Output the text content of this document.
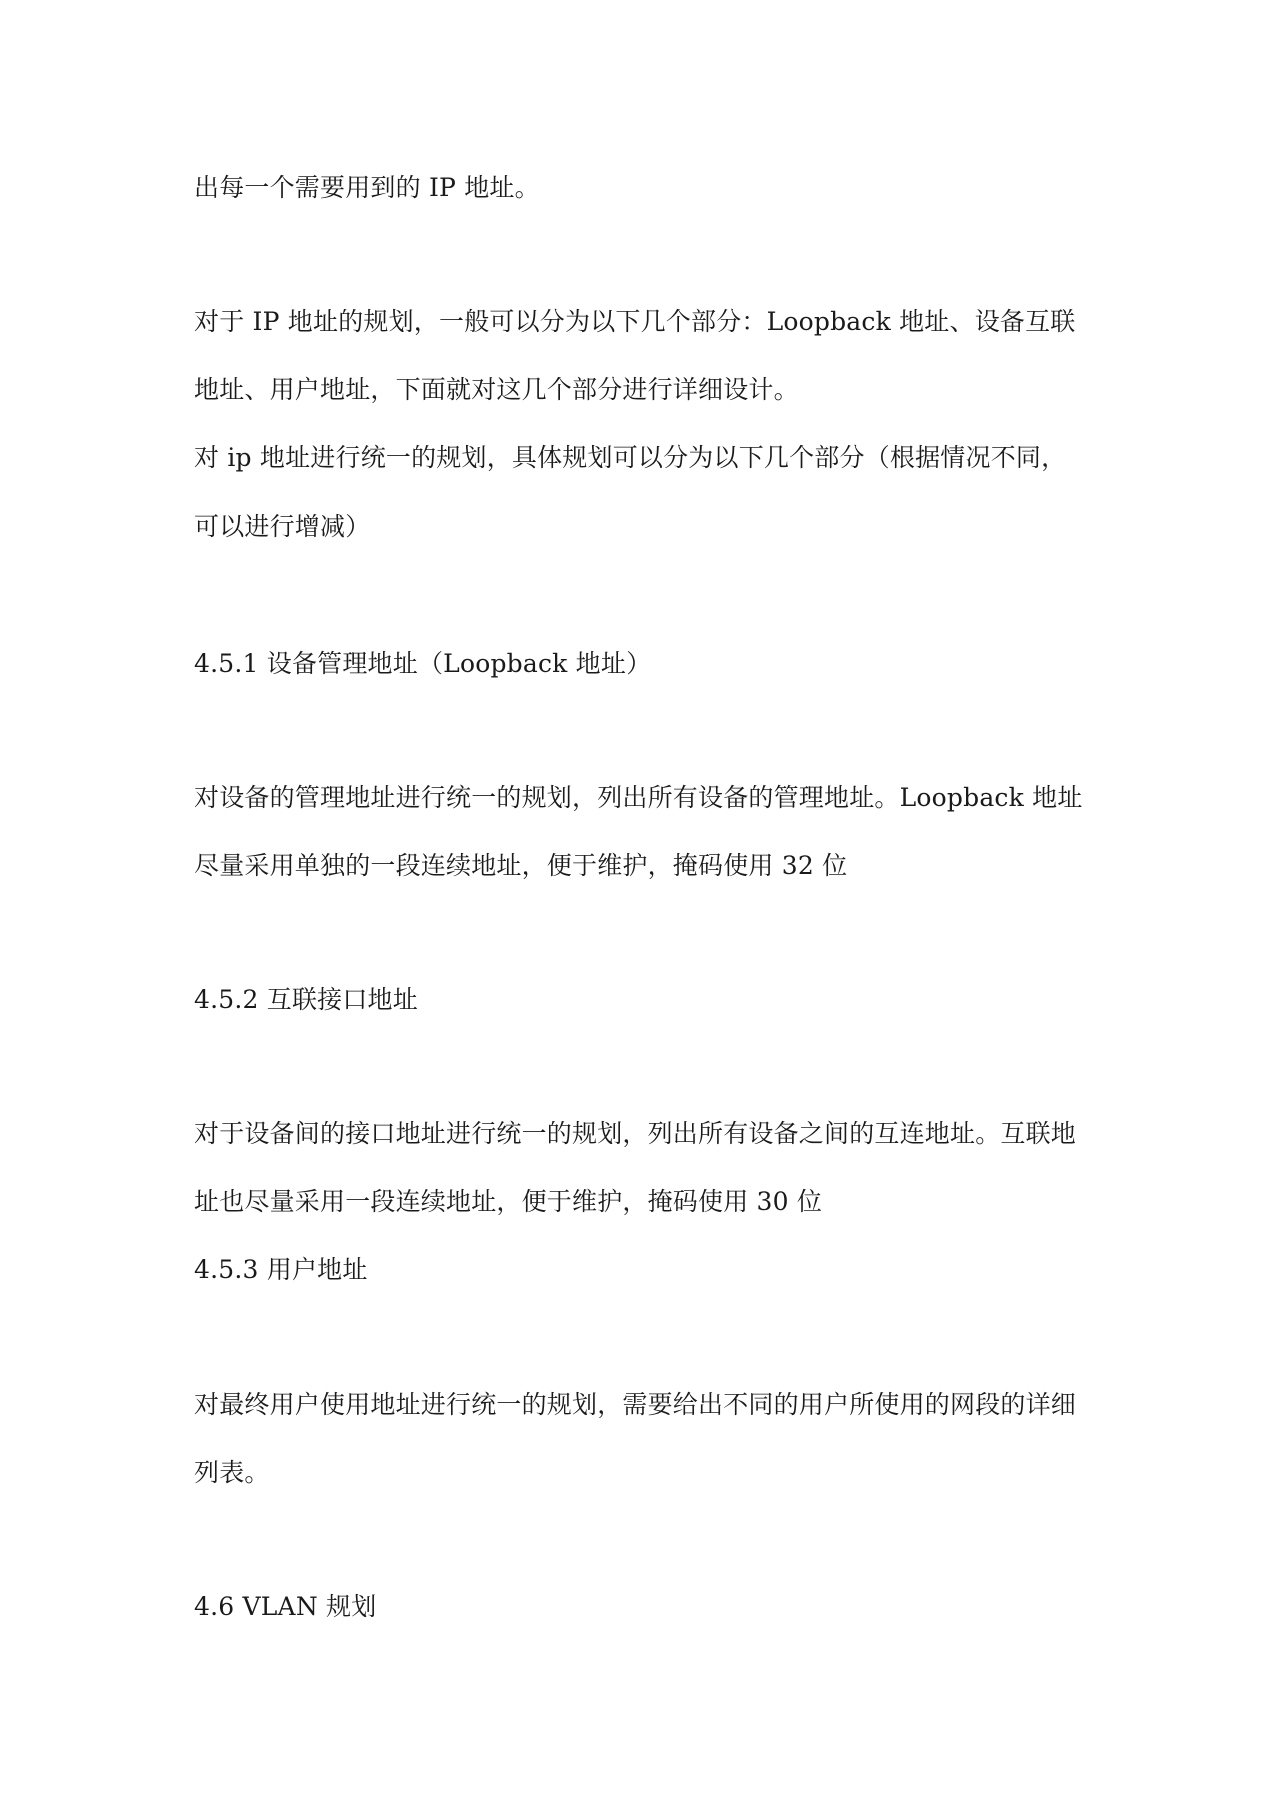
出每一个需要用到的 IP 地址。
对于 IP 地址的规划，一般可以分为以下几个部分：Loopback 地址、设备互联
地址、用户地址，下面就对这几个部分进行详细设计。
对 ip 地址进行统一的规划，具体规划可以分为以下几个部分（根据情况不同，
可以进行增减）
4.5.1 设备管理地址（Loopback 地址）
对设备的管理地址进行统一的规划，列出所有设备的管理地址。Loopback 地址
尽量采用单独的一段连续地址，便于维护，掩码使用 32 位
4.5.2 互联接口地址
对于设备间的接口地址进行统一的规划，列出所有设备之间的互连地址。互联地
址也尽量采用一段连续地址，便于维护，掩码使用 30 位
4.5.3 用户地址
对最终用户使用地址进行统一的规划，需要给出不同的用户所使用的网段的详细
列表。
4.6 VLAN 规划
